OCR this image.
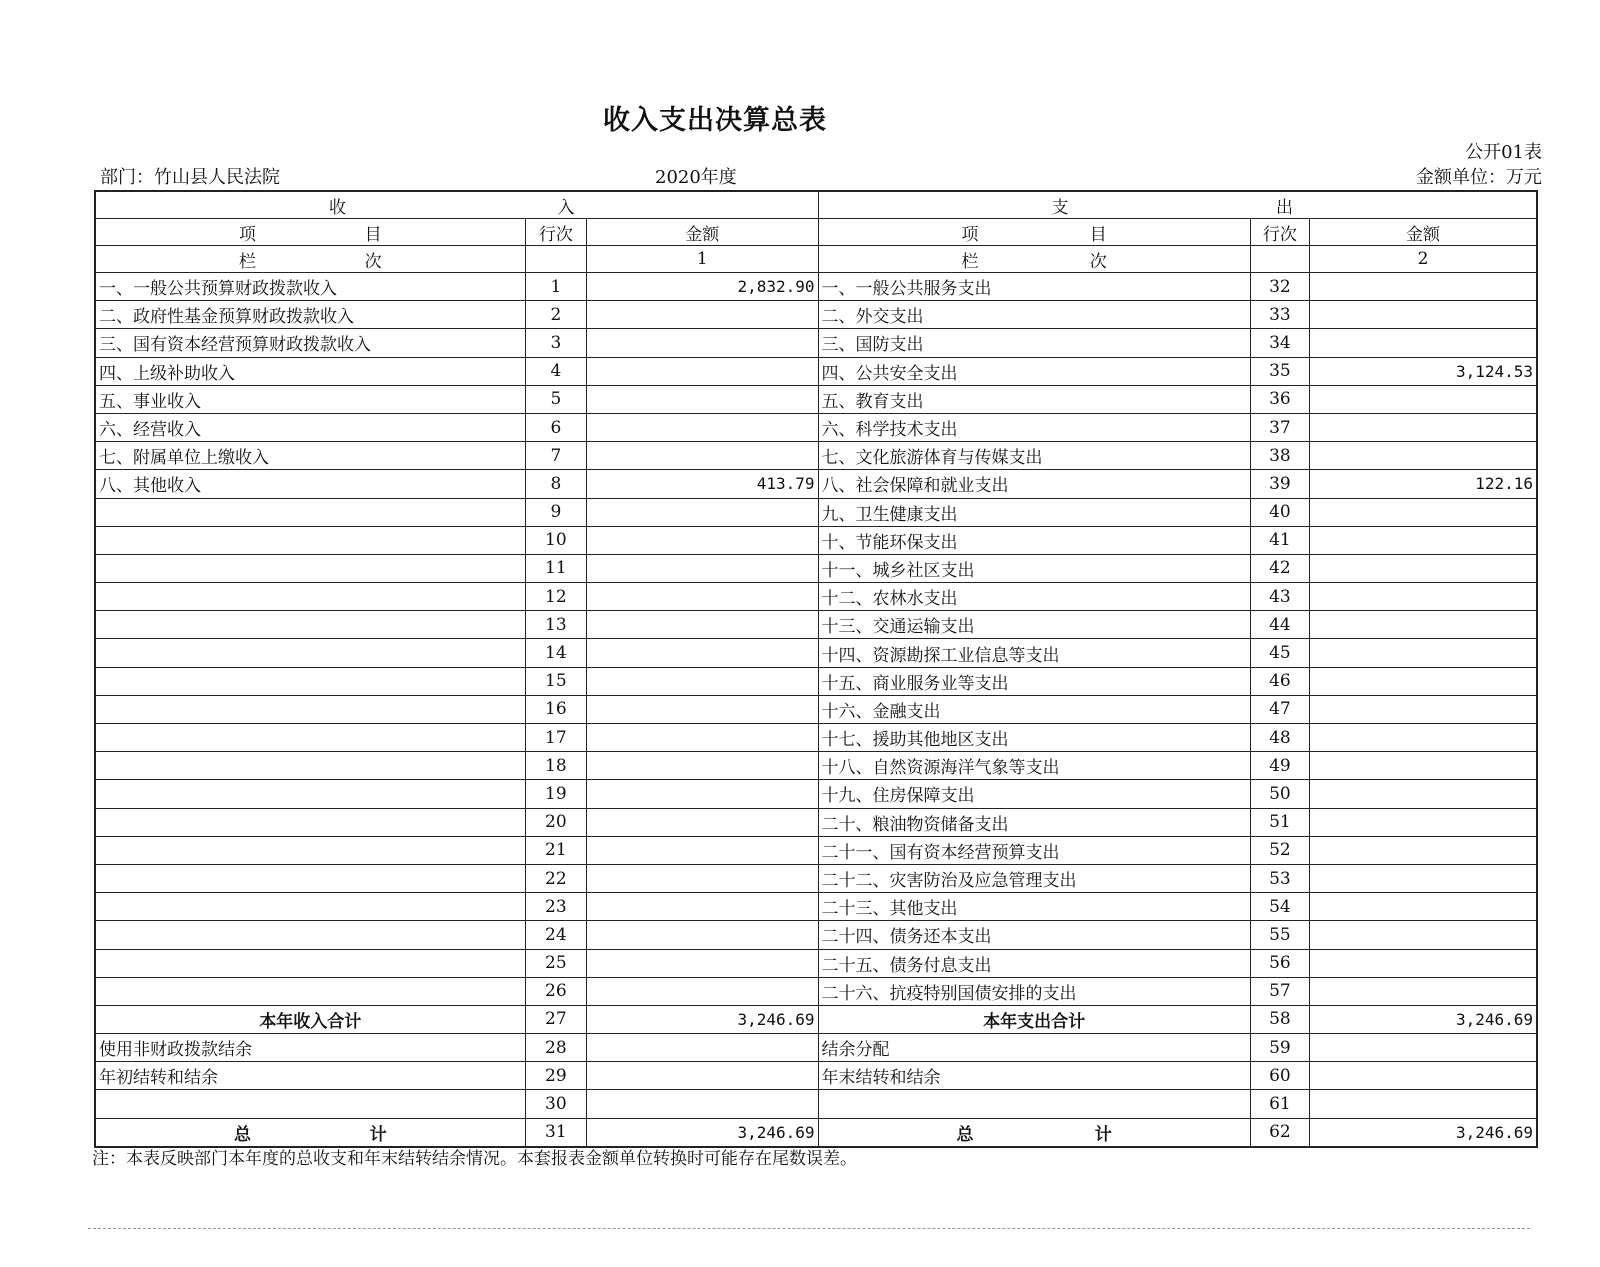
收入支出决算总表
公开01表
部门：竹山县人民法院	2020年度	金额单位：万元
收 入			支 出		

项 目	行次	金额	项 目	行次	金额

栏 次		1	栏 次		2
一、一般公共预算财政拨款收入	1	2,832.90	一、一般公共服务支出	32	
二、政府性基金预算财政拨款收入	2		二、外交支出	33	
三、国有资本经营预算财政拨款收入	3		三、国防支出	34	
四、上级补助收入	4		四、公共安全支出	35	3,124.53
五、事业收入	5		五、教育支出	36	
六、经营收入	6		六、科学技术支出	37	
七、附属单位上缴收入	7		七、文化旅游体育与传媒支出	38	
八、其他收入	8	413.79	八、社会保障和就业支出	39	122.16
	9		九、卫生健康支出	40	
	10		十、节能环保支出	41	
	11		十一、城乡社区支出	42	
	12		十二、农林水支出	43	
	13		十三、交通运输支出	44	
	14		十四、资源勘探工业信息等支出	45	
	15		十五、商业服务业等支出	46	
	16		十六、金融支出	47	
	17		十七、援助其他地区支出	48	
	18		十八、自然资源海洋气象等支出	49	
	19		十九、住房保障支出	50	
	20		二十、粮油物资储备支出	51	
	21		二十一、国有资本经营预算支出	52	
	22		二十二、灾害防治及应急管理支出	53	
	23		二十三、其他支出	54	
	24		二十四、债务还本支出	55	
	25		二十五、债务付息支出	56	
	26		二十六、抗疫特别国债安排的支出	57	
本年收入合计	27	3,246.69	本年支出合计	58	3,246.69
使用非财政拨款结余	28		结余分配	59	
年初结转和结余	29		年末结转和结余	60	
	30			61	

总 计	31	3,246.69	总 计	62	3,246.69
注：本表反映部门本年度的总收支和年末结转结余情况。本套报表金额单位转换时可能存在尾数误差。
